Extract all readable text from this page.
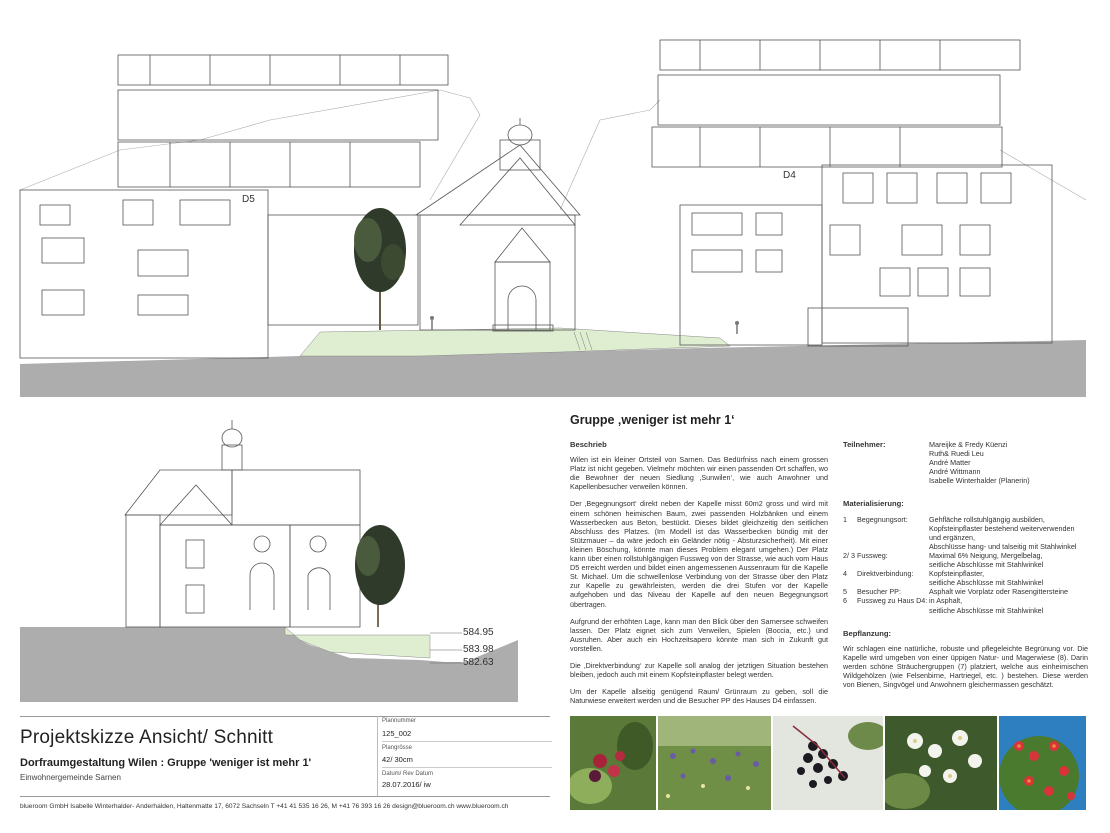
D5
D4
584.95
583.98
582.63
Gruppe ‚weniger ist mehr 1‘
Beschrieb

Wilen ist ein kleiner Ortsteil von Sarnen. Das Bedürfniss nach einem grossen Platz ist nicht gegeben. Vielmehr möchten wir einen passenden Ort schaffen, wo die Bewohner der neuen Siedlung ‚Sunwilen‘, wie auch Anwohner und Kapellenbesucher verweilen können.

Der ‚Begegnungsort‘ direkt neben der Kapelle misst 60m2 gross und wird mit einem schönen heimischen Baum, zwei passenden Holzbänken und einem Wasserbecken aus Beton, bestückt. Dieses bildet gleichzeitig den seitlichen Abschluss des Platzes. (Im Modell ist das Wasserbecken bündig mit der Stützmauer – da wäre jedoch ein Geländer nötig - Absturzsicherheit). Mit einer kleinen Böschung, könnte man dieses Problem elegant umgehen.) Der Platz kann über einen rollstuhlgängigen Fussweg von der Strasse, wie auch vom Haus D5 erreicht werden und bildet einen angemessenen Aussenraum für die Kapelle St. Michael. Um die schwellenlose Verbindung von der Strasse über den Platz zur Kapelle zu gewährleisten, werden die drei Stufen vor der Kapelle aufgehoben und das Niveau der Kapelle auf den neuen Begegnungsort übertragen.

Aufgrund der erhöhten Lage, kann man den Blick über den Sarnersee schweifen lassen. Der Platz eignet sich zum Verweilen, Spielen (Boccia, etc.) und Ausruhen. Aber auch ein Hochzeitsapero könnte man sich in Zukunft gut vorstellen.

Die ‚Direktverbindung‘ zur Kapelle soll analog der jetztigen Situation bestehen bleiben, jedoch auch mit einem Kopfsteinpflaster belegt werden.

Um der Kapelle allseitig genügend Raum/ Grünraum zu geben, soll die Naturwiese erweitert werden und die Besucher PP des Hauses D4 einfassen.

Teilnehmer:	Mareijke & Fredy Küenzi
Ruth& Ruedi Leu
André Matter
André Wittmann
Isabelle Winterhalder (Planerin)
Materialisierung:
1	Begegnungsort:	Gehfläche rollstuhlgängig ausbilden,
Kopfsteinpflaster bestehend weiterverwenden
und ergänzen,
Abschlüsse hang- und talseitig mit Stahlwinkel
2/ 3 Fussweg:	Maximal 6% Neigung, Mergelbelag,
seitliche Abschlüsse mit Stahlwinkel
4	Direktverbindung:	Kopfsteinpflaster,
seitliche Abschlüsse mit Stahlwinkel
5	Besucher PP:	Asphalt wie Vorplatz oder Rasengittersteine
6	Fussweg zu Haus D4: in Asphalt,
seitliche Abschlüsse mit Stahlwinkel
Bepflanzung:
Wir schlagen eine natürliche, robuste und pflegeleichte Begrünung vor. Die Kapelle wird umgeben von einer üppigen Natur- und Magerwiese (8). Darin werden schöne Sträuchergruppen (7) platziert, welche aus einheimischen Wildgehölzen (wie Felsenbirne, Hartriegel, etc. ) bestehen. Diese werden von Bienen, Singvögel und Anwohnern gleichermassen geschätzt.
Projektskizze Ansicht/ Schnitt
Dorfraumgestaltung Wilen : Gruppe 'weniger ist mehr 1'
Einwohnergemeinde Sarnen
Plannummer
125_002
Plangrösse
42/ 30cm
Datum/ Rev Datum
28.07.2016/ iw
blueroom GmbH Isabelle Winterhalder- Anderhalden, Haltenmatte 17, 6072 Sachseln T +41 41 535 16 26, M +41 76 393 16 26 design@blueroom.ch www.blueroom.ch
